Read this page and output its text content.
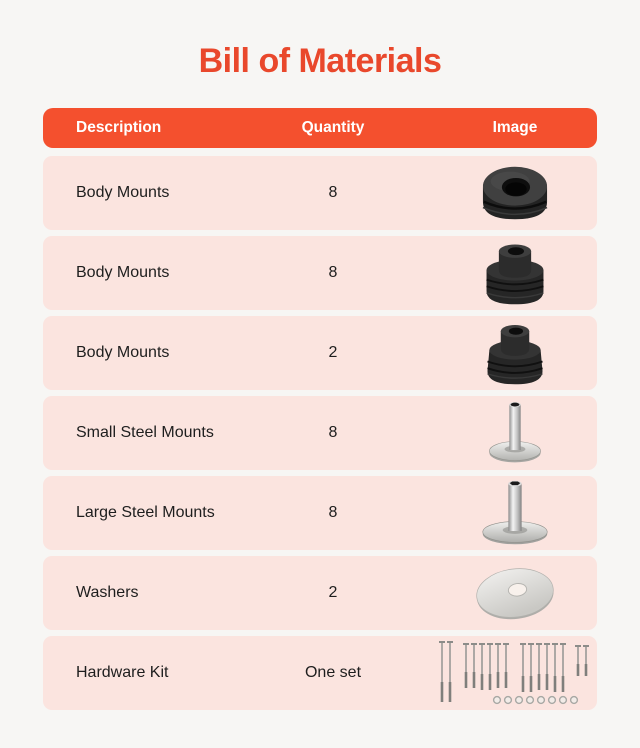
Bill of Materials
Description	Quantity	Image
Body Mounts	8
Body Mounts	8
Body Mounts	2
Small Steel Mounts	8
Large Steel Mounts	8
Washers	2
Hardware Kit	One set
